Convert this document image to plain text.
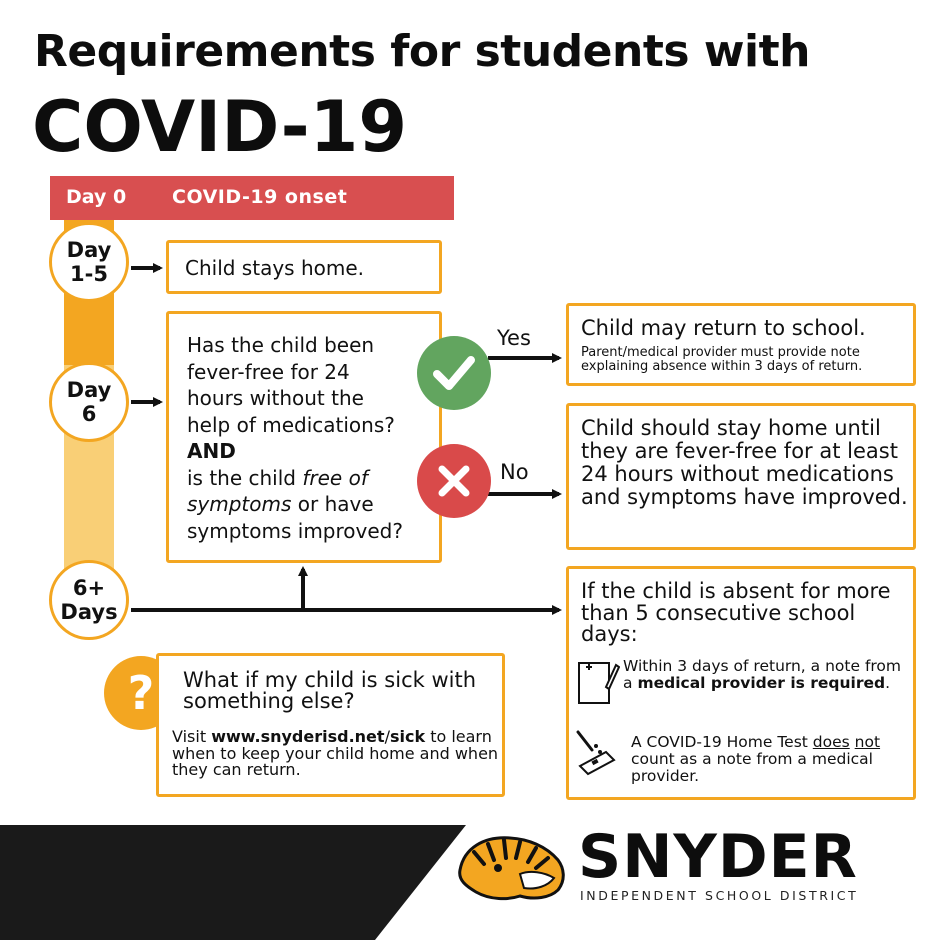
Requirements for students with
COVID-19
Day 0 COVID-19 onset
Day
1-5
Day
6
6+
Days
Child stays home.
Has the child been
fever-free for 24
hours without the
help of medications?
AND
is the child free of
symptoms or have
symptoms improved?
Yes
No
Child may return to school.
Parent/medical provider must provide note
explaining absence within 3 days of return.
Child should stay home until they are fever-free for at least 24 hours without medications and symptoms have improved.
If the child is absent for more than 5 consecutive school days:
Within 3 days of return, a note from a medical provider is required.
A COVID-19 Home Test does not count as a note from a medical provider.
?	What if my child is sick with something else?
Visit www.snyderisd.net/sick to learn when to keep your child home and when they can return.
SNYDER
INDEPENDENT SCHOOL DISTRICT
